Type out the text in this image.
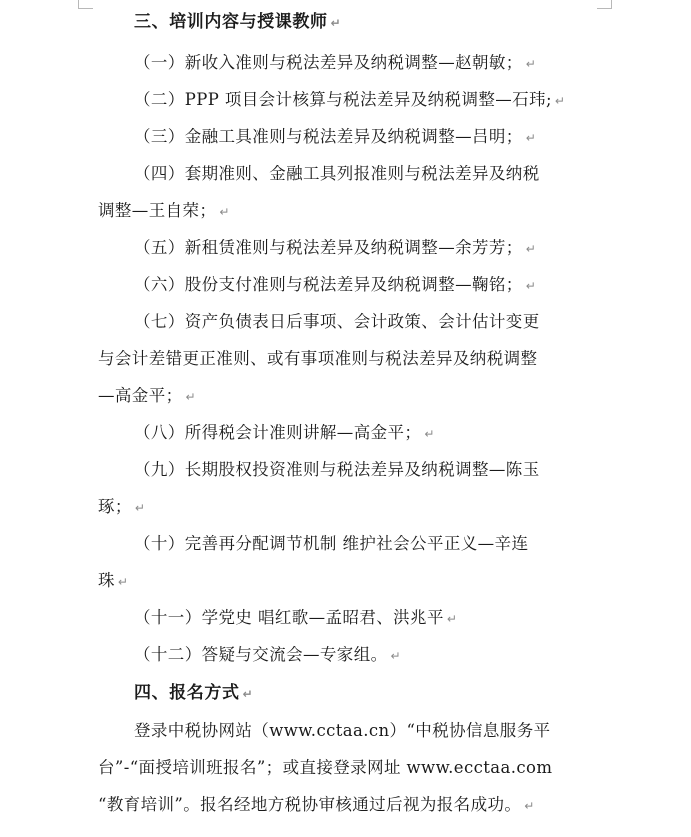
三、培训内容与授课教师 ↵
（一）新收入准则与税法差异及纳税调整—赵朝敏； ↵
（二）PPP 项目会计核算与税法差异及纳税调整—石玮; ↵
（三）金融工具准则与税法差异及纳税调整—吕明； ↵
（四）套期准则、金融工具列报准则与税法差异及纳税
调整—王自荣； ↵
（五）新租赁准则与税法差异及纳税调整—余芳芳； ↵
（六）股份支付准则与税法差异及纳税调整—鞠铭； ↵
（七）资产负债表日后事项、会计政策、会计估计变更
与会计差错更正准则、或有事项准则与税法差异及纳税调整
—高金平； ↵
（八）所得税会计准则讲解—高金平； ↵
（九）长期股权投资准则与税法差异及纳税调整—陈玉
琢； ↵
（十）完善再分配调节机制 维护社会公平正义—辛连
珠 ↵
（十一）学党史 唱红歌—孟昭君、洪兆平 ↵
（十二）答疑与交流会—专家组。 ↵
四、报名方式 ↵
登录中税协网站（www.cctaa.cn）“中税协信息服务平
台”-“面授培训班报名”；或直接登录网址 www.ecctaa.com
“教育培训”。报名经地方税协审核通过后视为报名成功。 ↵
